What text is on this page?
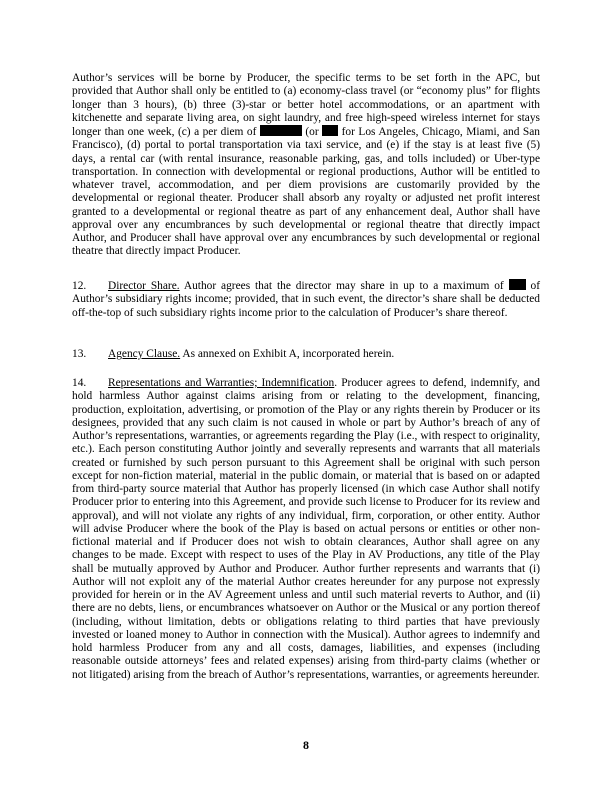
Author’s services will be borne by Producer, the specific terms to be set forth in the APC, but provided that Author shall only be entitled to (a) economy-class travel (or “economy plus” for flights longer than 3 hours), (b) three (3)-star or better hotel accommodations, or an apartment with kitchenette and separate living area, on sight laundry, and free high-speed wireless internet for stays longer than one week, (c) a per diem of	(or for Los Angeles, Chicago, Miami, and San Francisco), (d) portal to portal transportation via taxi service, and (e) if the stay is at least five (5) days, a rental car (with rental insurance, reasonable parking, gas, and tolls included) or Uber-type transportation. In connection with developmental or regional productions, Author will be entitled to whatever travel, accommodation, and per diem provisions are customarily provided by the developmental or regional theater. Producer shall absorb any royalty or adjusted net profit interest granted to a developmental or regional theatre as part of any enhancement deal, Author shall have approval over any encumbrances by such developmental or regional theatre that directly impact Author, and Producer shall have approval over any encumbrances by such developmental or regional theatre that directly impact Producer.

12. Director Share. Author agrees that the director may share in up to a maximum of of Author’s subsidiary rights income; provided, that in such event, the director’s share shall be deducted off-the-top of such subsidiary rights income prior to the calculation of Producer’s share thereof.

13. Agency Clause. As annexed on Exhibit A, incorporated herein.

14. Representations and Warranties; Indemnification. Producer agrees to defend, indemnify, and hold harmless Author against claims arising from or relating to the development, financing, production, exploitation, advertising, or promotion of the Play or any rights therein by Producer or its designees, provided that any such claim is not caused in whole or part by Author’s breach of any of Author’s representations, warranties, or agreements regarding the Play (i.e., with respect to originality, etc.). Each person constituting Author jointly and severally represents and warrants that all materials created or furnished by such person pursuant to this Agreement shall be original with such person except for non-fiction material, material in the public domain, or material that is based on or adapted from third-party source material that Author has properly licensed (in which case Author shall notify Producer prior to entering into this Agreement, and provide such license to Producer for its review and approval), and will not violate any rights of any individual, firm, corporation, or other entity. Author will advise Producer where the book of the Play is based on actual persons or entities or other non-fictional material and if Producer does not wish to obtain clearances, Author shall agree on any changes to be made. Except with respect to uses of the Play in AV Productions, any title of the Play shall be mutually approved by Author and Producer. Author further represents and warrants that (i) Author will not exploit any of the material Author creates hereunder for any purpose not expressly provided for herein or in the AV Agreement unless and until such material reverts to Author, and (ii) there are no debts, liens, or encumbrances whatsoever on Author or the Musical or any portion thereof (including, without limitation, debts or obligations relating to third parties that have previously invested or loaned money to Author in connection with the Musical). Author agrees to indemnify and hold harmless Producer from any and all costs, damages, liabilities, and expenses (including reasonable outside attorneys’ fees and related expenses) arising from third-party claims (whether or not litigated) arising from the breach of Author’s representations, warranties, or agreements hereunder.

8
